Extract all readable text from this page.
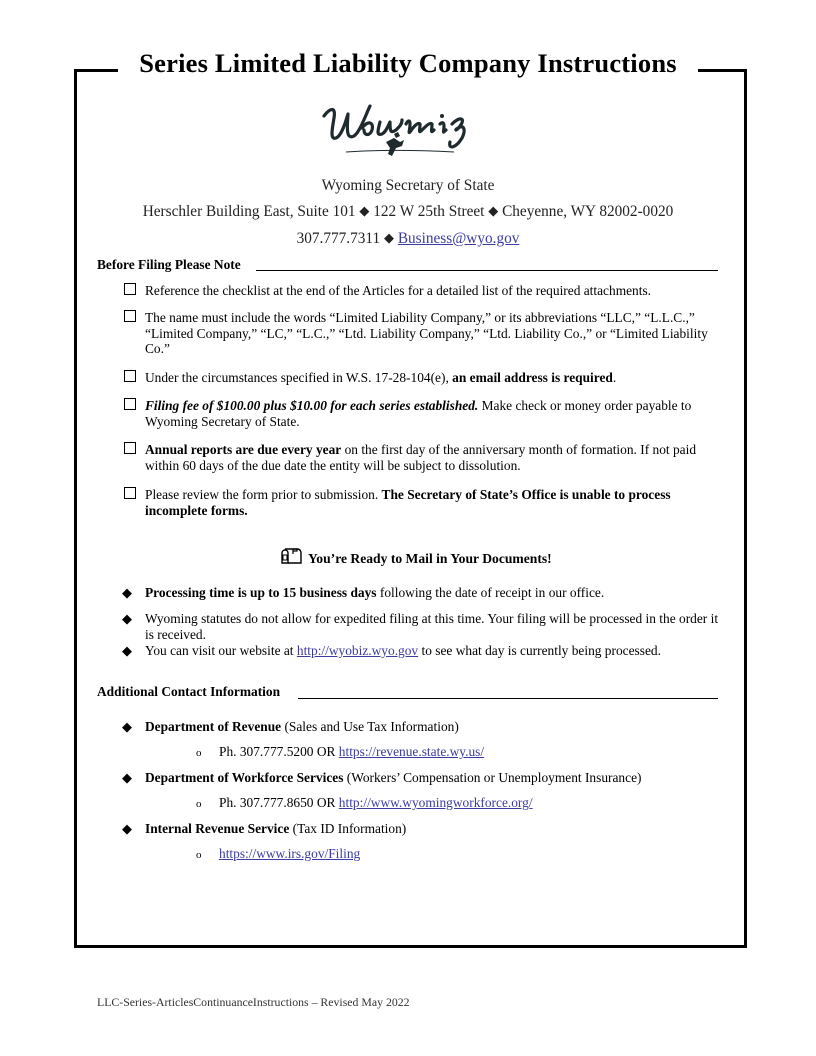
Series Limited Liability Company Instructions
Wyoming Secretary of State
Herschler Building East, Suite 101 ◆ 122 W 25th Street ◆ Cheyenne, WY 82002-0020
307.777.7311 ◆ Business@wyo.gov
Before Filing Please Note
Reference the checklist at the end of the Articles for a detailed list of the required attachments.
The name must include the words “Limited Liability Company,” or its abbreviations “LLC,” “L.L.C.,” “Limited Company,” “LC,” “L.C.,” “Ltd. Liability Company,” “Ltd. Liability Co.,” or “Limited Liability Co.”
Under the circumstances specified in W.S. 17-28-104(e), an email address is required.
Filing fee of $100.00 plus $10.00 for each series established. Make check or money order payable to Wyoming Secretary of State.
Annual reports are due every year on the first day of the anniversary month of formation. If not paid within 60 days of the due date the entity will be subject to dissolution.
Please review the form prior to submission. The Secretary of State’s Office is unable to process incomplete forms.
You’re Ready to Mail in Your Documents!
◆ Processing time is up to 15 business days following the date of receipt in our office.
◆ Wyoming statutes do not allow for expedited filing at this time. Your filing will be processed in the order it is received.
◆ You can visit our website at http://wyobiz.wyo.gov to see what day is currently being processed.
Additional Contact Information
◆ Department of Revenue (Sales and Use Tax Information)
o Ph. 307.777.5200 OR https://revenue.state.wy.us/
◆ Department of Workforce Services (Workers’ Compensation or Unemployment Insurance)
o Ph. 307.777.8650 OR http://www.wyomingworkforce.org/
◆ Internal Revenue Service (Tax ID Information)
o https://www.irs.gov/Filing
LLC-Series-ArticlesContinuanceInstructions – Revised May 2022
